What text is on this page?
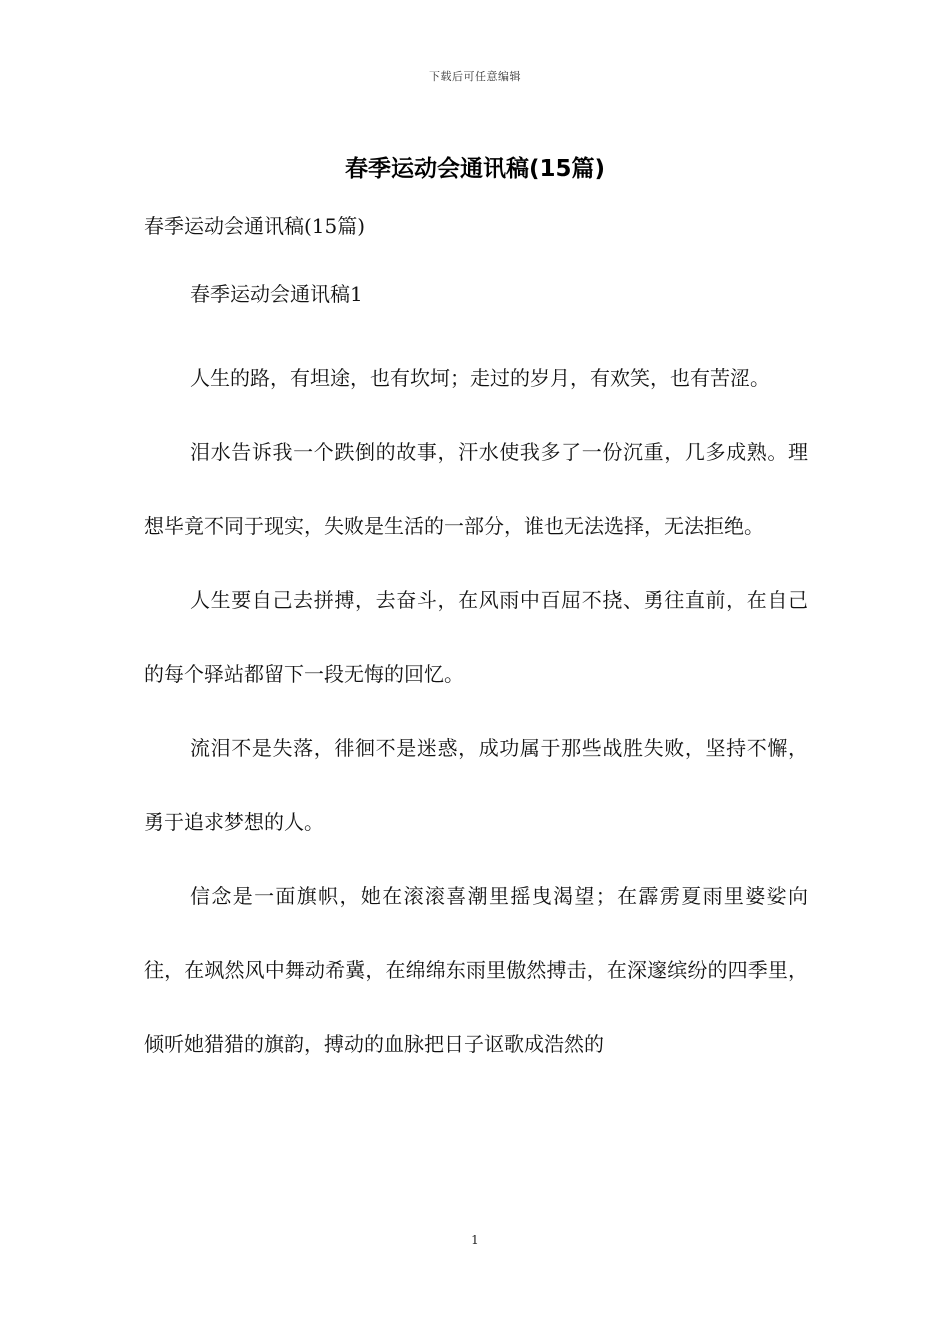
下载后可任意编辑
春季运动会通讯稿(15篇)

春季运动会通讯稿(15篇)

春季运动会通讯稿1

人生的路，有坦途，也有坎坷；走过的岁月，有欢笑，也有苦涩。

泪水告诉我一个跌倒的故事，汗水使我多了一份沉重，几多成熟。理想毕竟不同于现实，失败是生活的一部分，谁也无法选择，无法拒绝。

人生要自己去拼搏，去奋斗，在风雨中百屈不挠、勇往直前，在自己的每个驿站都留下一段无悔的回忆。

流泪不是失落，徘徊不是迷惑，成功属于那些战胜失败，坚持不懈，勇于追求梦想的人。

信念是一面旗帜，她在滚滚喜潮里摇曳渴望；在霹雳夏雨里婆娑向往，在飒然风中舞动希冀，在绵绵东雨里傲然搏击，在深邃缤纷的四季里，倾听她猎猎的旗韵，搏动的血脉把日子讴歌成浩然的

1
